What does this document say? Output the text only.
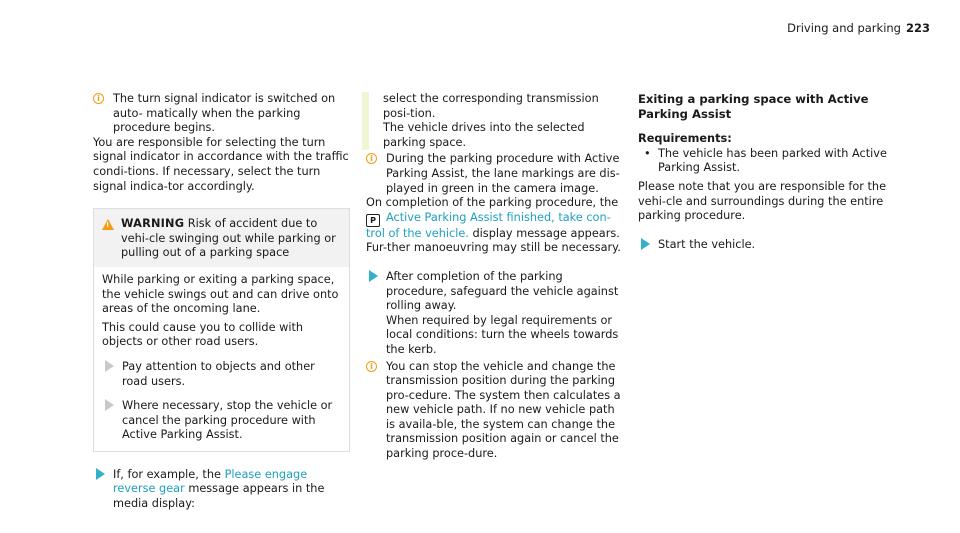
Driving and parking 223
i	The turn signal indicator is switched on auto- matically when the parking procedure begins.

You are responsible for selecting the turn signal indicator in accordance with the traffic condi-tions. If necessary, select the turn signal indica-tor accordingly.

! WARNING Risk of accident due to vehi-cle swinging out while parking or pulling out of a parking space

While parking or exiting a parking space, the vehicle swings out and can drive onto areas of the oncoming lane.

This could cause you to collide with objects or other road users.

Pay attention to objects and other road users.
Where necessary, stop the vehicle or cancel the parking procedure with Active Parking Assist.
If, for example, the Please engage reverse gear message appears in the media display:

select the corresponding transmission posi-tion.

The vehicle drives into the selected parking space.

i	During the parking procedure with Active Parking Assist, the lane markings are dis-played in green in the camera image.

On completion of the parking procedure, the
P Active Parking Assist finished, take con-trol of the vehicle. display message appears. Fur-ther manoeuvring may still be necessary.

After completion of the parking procedure, safeguard the vehicle against rolling away.

When required by legal requirements or local conditions: turn the wheels towards the kerb.

i	You can stop the vehicle and change the transmission position during the parking pro-cedure. The system then calculates a new vehicle path. If no new vehicle path is availa-ble, the system can change the transmission position again or cancel the parking proce-dure.

Exiting a parking space with Active Parking Assist

Requirements:

• The vehicle has been parked with Active Parking Assist.

Please note that you are responsible for the vehi-cle and surroundings during the entire parking procedure.

Start the vehicle.
